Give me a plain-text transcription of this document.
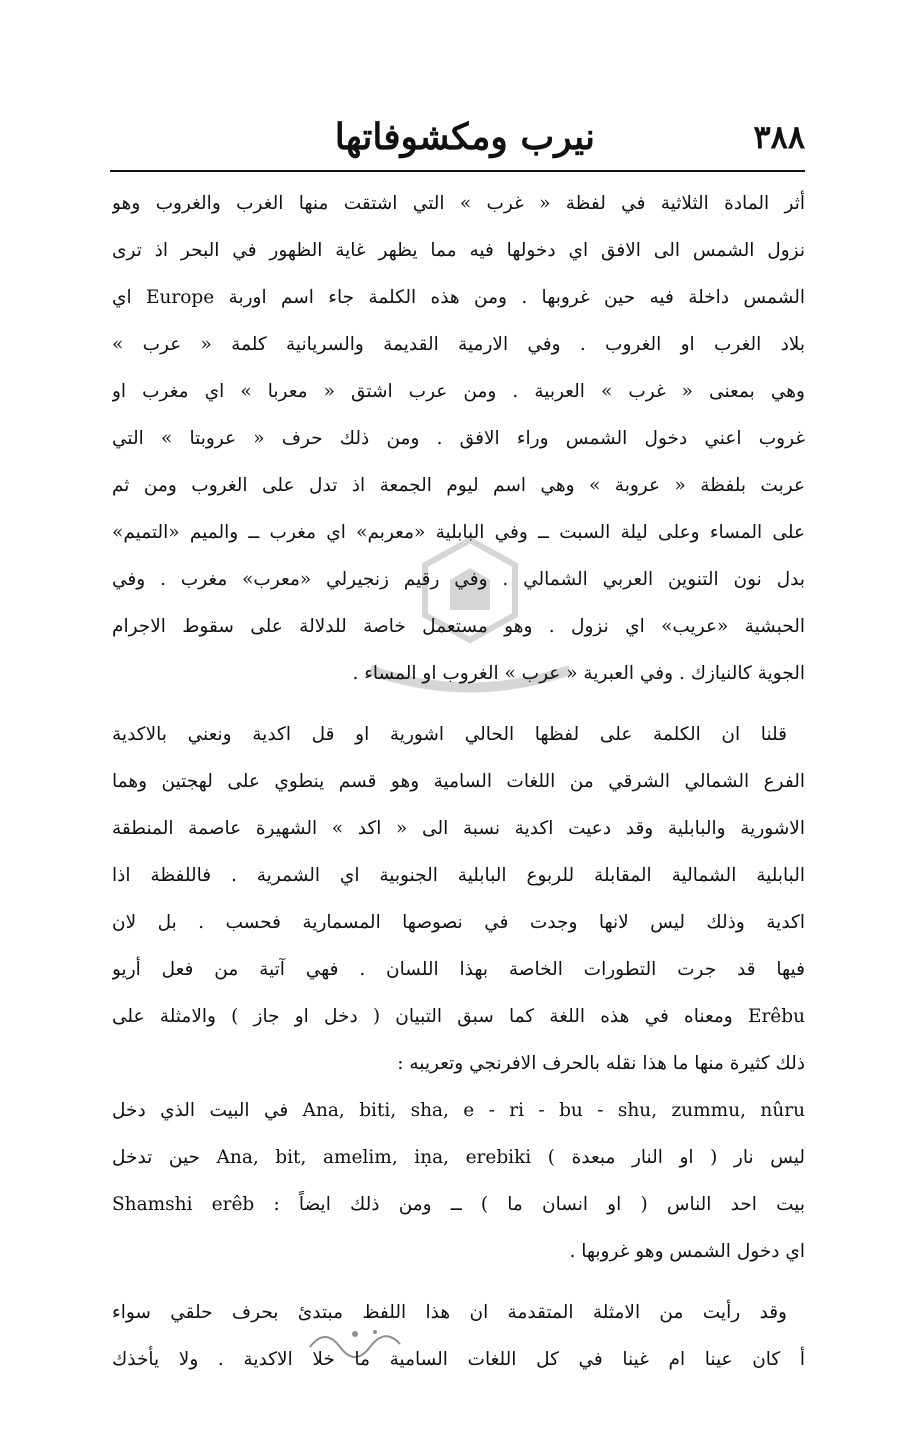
٣٨٨
نيرب ومكشوفاتها
أثر المادة الثلاثية في لفظة « غرب » التي اشتقت منها الغرب والغروب وهو
نزول الشمس الى الافق اي دخولها فيه مما يظهر غاية الظهور في البحر اذ ترى
الشمس داخلة فيه حين غروبها . ومن هذه الكلمة جاء اسم اوربة Europe اي
بلاد الغرب او الغروب . وفي الارمية القديمة والسريانية كلمة « عرب »
وهي بمعنى « غرب » العربية . ومن عرب اشتق « معربا » اي مغرب او
غروب اعني دخول الشمس وراء الافق . ومن ذلك حرف « عروبتا » التي
عربت بلفظة « عروبة » وهي اسم ليوم الجمعة اذ تدل على الغروب ومن ثم
على المساء وعلى ليلة السبت ــ وفي البابلية «معربم» اي مغرب ــ والميم «التميم»
بدل نون التنوين العربي الشمالي . وفي رقيم زنجيرلي «معرب» مغرب . وفي
الحبشية «عريب» اي نزول . وهو مستعمل خاصة للدلالة على سقوط الاجرام
الجوية كالنيازك . وفي العبرية « عرب » الغروب او المساء .
قلنا ان الكلمة على لفظها الحالي اشورية او قل اكدية ونعني بالاكدية
الفرع الشمالي الشرقي من اللغات السامية وهو قسم ينطوي على لهجتين وهما
الاشورية والبابلية وقد دعيت اكدية نسبة الى « اكد » الشهيرة عاصمة المنطقة
البابلية الشمالية المقابلة للربوع البابلية الجنوبية اي الشمرية . فاللفظة اذا
اكدية وذلك ليس لانها وجدت في نصوصها المسمارية فحسب . بل لان
فيها قد جرت التطورات الخاصة بهذا اللسان . فهي آتية من فعل أريو
Erêbu ومعناه في هذه اللغة كما سبق التبيان ( دخل او جاز ) والامثلة على
ذلك كثيرة منها ما هذا نقله بالحرف الافرنجي وتعريبه :
Ana, biti, sha, e - ri - bu - shu, zummu, nûru في البيت الذي دخل
ليس نار ( او النار مبعدة ) Ana, bit, amelim, iṇa, erebiki حين تدخل
بيت احد الناس ( او انسان ما ) ــ ومن ذلك ايضاً : Shamshi erêb
اي دخول الشمس وهو غروبها .
وقد رأيت من الامثلة المتقدمة ان هذا اللفظ مبتدئ بحرف حلقي سواء
أ كان عينا ام غينا في كل اللغات السامية ما خلا الاكدية . ولا يأخذك
